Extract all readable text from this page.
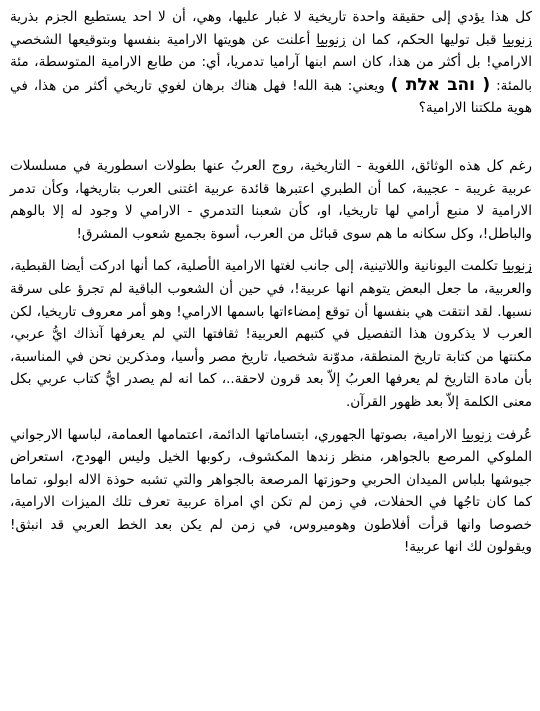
كل هذا يؤدي إلى حقيقة واحدة تاريخية لا غبار عليها، وهي، أن لا احد يستطيع الجزم بذرية زنوبيا قبل توليها الحكم، كما ان زنوبيا أعلنت عن هويتها الارامية بنفسها وبتوقيعها الشخصي الارامي! بل أكثر من هذا، كان اسم ابنها آراميا تدمريا، أي: من طابع الارامية المتوسطة، مئة بالمئة: ( והב אלת ) ويعني: هبة الله! فهل هناك برهان لغوي تاريخي أكثر من هذا، في هوية ملكتنا الارامية؟

رغم كل هذه الوثائق، اللغوية - التاريخية، روج العربُ عنها بطولات اسطورية في مسلسلات عربية غريبة - عجيبة، كما أن الطبري اعتبرها قائدة عربية اغتنى العرب بتاريخها، وكأن تدمر الارامية لا منبع أرامي لها تاريخيا، او، كأن شعبنا التدمري - الارامي لا وجود له إلا بالوهم والباطل!، وكل سكانه ما هم سوى قبائل من العرب، أسوة بجميع شعوب المشرق!

زنوبيا تكلمت اليونانية واللاتينية، إلى جانب لغتها الارامية الأصلية، كما أنها ادركت أيضا القبطية، والعربية، ما جعل البعض يتوهم انها عربية!، في حين أن الشعوب الباقية لم تجرؤ على سرقة نسبها. لقد انتقت هي بنفسها أن توقع إمضاءاتها باسمها الارامي! وهو أمر معروف تاريخيا، لكن العرب لا يذكرون هذا التفصيل في كتبهم العربية! ثقافتها التي لم يعرفها آنذاك ايُّ عربي، مكنتها من كتابة تاريخ المنطقة، مدوّنة شخصيا، تاريخ مصر وأسيا، ومذكرين نحن في المناسبة، بأن مادة التاريخ لم يعرفها العربُ إلاّ بعد قرون لاحقة..، كما انه لم يصدر ايُّ كتاب عربي بكل معنى الكلمة إلاّ بعد ظهور القرآن.

عُرفت زنوبيا الارامية، بصوتها الجهوري، ابتساماتها الدائمة، اعتمامها العمامة، لباسها الارجواني الملوكي المرصع بالجواهر، منظر زندها المكشوف، ركوبها الخيل وليس الهودج، استعراض جيوشها بلباس الميدان الحربي وحوزتها المرصعة بالجواهر والتي تشبه حوذة الاله ابولو، تماما كما كان تاجُها في الحفلات، في زمن لم تكن اي امراة عربية تعرف تلك الميزات الارامية، خصوصا وانها قرأت أفلاطون وهوميروس، في زمن لم يكن بعد الخط العربي قد انبثق! ويقولون لك انها عربية!
